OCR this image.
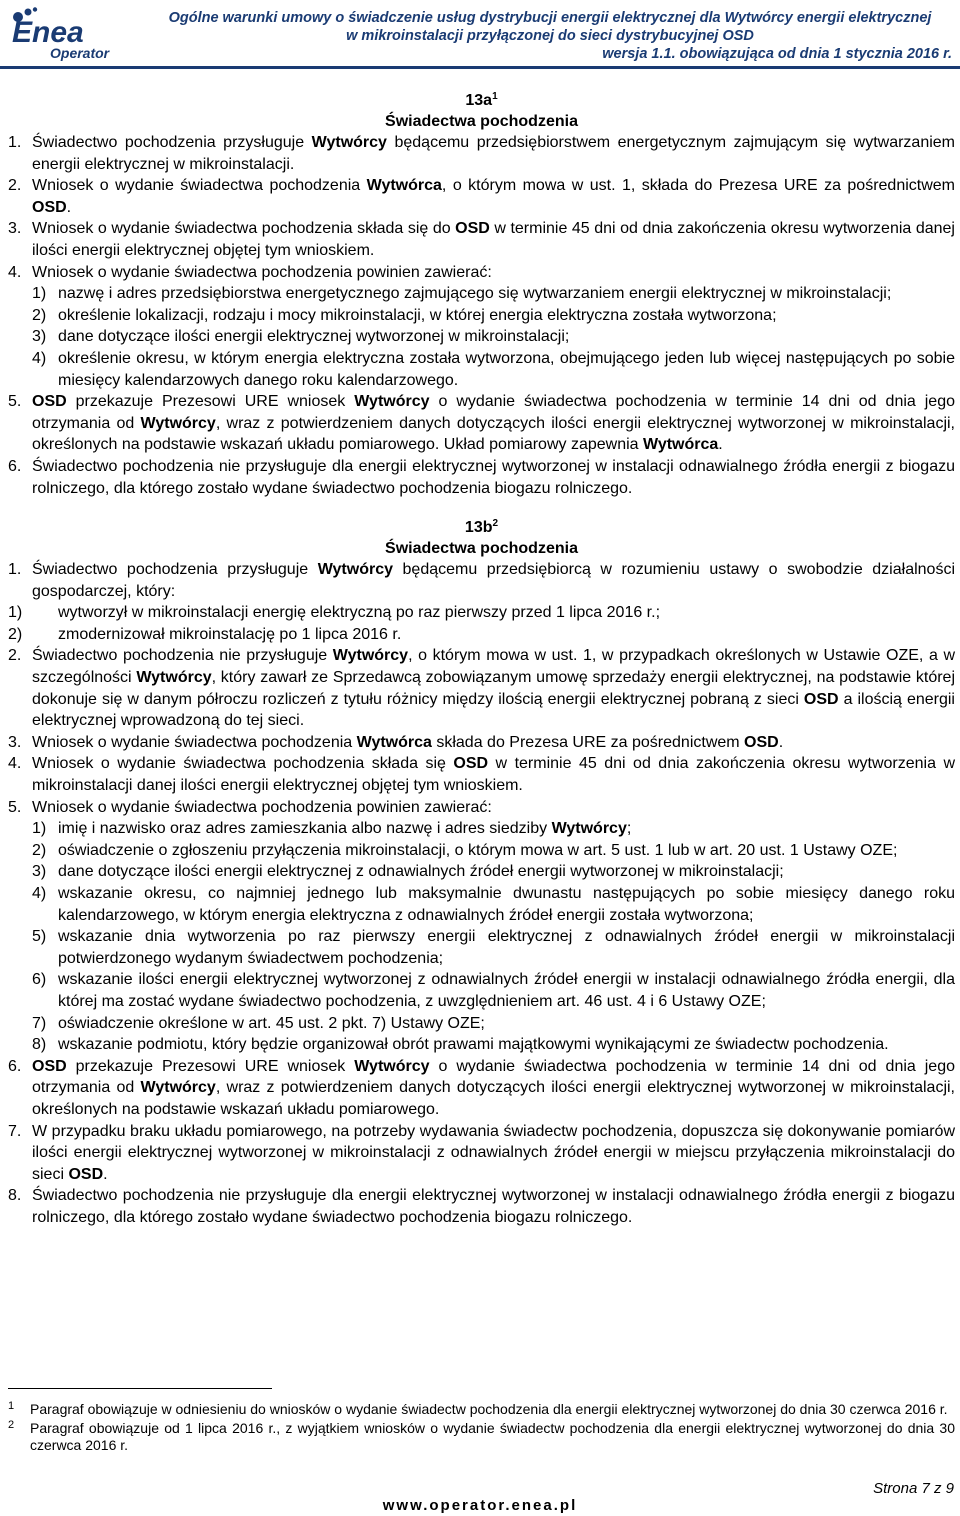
Enea
Operator
Ogólne warunki umowy o świadczenie usług dystrybucji energii elektrycznej dla Wytwórcy energii elektrycznej
w mikroinstalacji przyłączonej do sieci dystrybucyjnej OSD
wersja 1.1. obowiązująca od dnia 1 stycznia 2016 r.
$13a^1$
Świadectwa pochodzenia
1. Świadectwo pochodzenia przysługuje Wytwórcy będącemu przedsiębiorstwem energetycznym zajmującym się wytwarzaniem energii elektrycznej w mikroinstalacji.
2. Wniosek o wydanie świadectwa pochodzenia Wytwórca, o którym mowa w ust. 1, składa do Prezesa URE za pośrednictwem OSD.
3. Wniosek o wydanie świadectwa pochodzenia składa się do OSD w terminie 45 dni od dnia zakończenia okresu wytworzenia danej ilości energii elektrycznej objętej tym wnioskiem.
4. Wniosek o wydanie świadectwa pochodzenia powinien zawierać:
1) nazwę i adres przedsiębiorstwa energetycznego zajmującego się wytwarzaniem energii elektrycznej w mikroinstalacji;
2) określenie lokalizacji, rodzaju i mocy mikroinstalacji, w której energia elektryczna została wytworzona;
3) dane dotyczące ilości energii elektrycznej wytworzonej w mikroinstalacji;
4) określenie okresu, w którym energia elektryczna została wytworzona, obejmującego jeden lub więcej następujących po sobie miesięcy kalendarzowych danego roku kalendarzowego.
5. OSD przekazuje Prezesowi URE wniosek Wytwórcy o wydanie świadectwa pochodzenia w terminie 14 dni od dnia jego otrzymania od Wytwórcy, wraz z potwierdzeniem danych dotyczących ilości energii elektrycznej wytworzonej w mikroinstalacji, określonych na podstawie wskazań układu pomiarowego. Układ pomiarowy zapewnia Wytwórca.
6. Świadectwo pochodzenia nie przysługuje dla energii elektrycznej wytworzonej w instalacji odnawialnego źródła energii z biogazu rolniczego, dla którego zostało wydane świadectwo pochodzenia biogazu rolniczego.
$13b^2$
Świadectwa pochodzenia
1. Świadectwo pochodzenia przysługuje Wytwórcy będącemu przedsiębiorcą w rozumieniu ustawy o swobodzie działalności gospodarczej, który:
1) wytworzył w mikroinstalacji energię elektryczną po raz pierwszy przed 1 lipca 2016 r.;
2) zmodernizował mikroinstalację po 1 lipca 2016 r.
2. Świadectwo pochodzenia nie przysługuje Wytwórcy, o którym mowa w ust. 1, w przypadkach określonych w Ustawie OZE, a w szczególności Wytwórcy, który zawarł ze Sprzedawcą zobowiązanym umowę sprzedaży energii elektrycznej, na podstawie której dokonuje się w danym półroczu rozliczeń z tytułu różnicy między ilością energii elektrycznej pobraną z sieci OSD a ilością energii elektrycznej wprowadzoną do tej sieci.
3. Wniosek o wydanie świadectwa pochodzenia Wytwórca składa do Prezesa URE za pośrednictwem OSD.
4. Wniosek o wydanie świadectwa pochodzenia składa się OSD w terminie 45 dni od dnia zakończenia okresu wytworzenia w mikroinstalacji danej ilości energii elektrycznej objętej tym wnioskiem.
5. Wniosek o wydanie świadectwa pochodzenia powinien zawierać:
1) imię i nazwisko oraz adres zamieszkania albo nazwę i adres siedziby Wytwórcy;
2) oświadczenie o zgłoszeniu przyłączenia mikroinstalacji, o którym mowa w art. 5 ust. 1 lub w art. 20 ust. 1 Ustawy OZE;
3) dane dotyczące ilości energii elektrycznej z odnawialnych źródeł energii wytworzonej w mikroinstalacji;
4) wskazanie okresu, co najmniej jednego lub maksymalnie dwunastu następujących po sobie miesięcy danego roku kalendarzowego, w którym energia elektryczna z odnawialnych źródeł energii została wytworzona;
5) wskazanie dnia wytworzenia po raz pierwszy energii elektrycznej z odnawialnych źródeł energii w mikroinstalacji potwierdzonego wydanym świadectwem pochodzenia;
6) wskazanie ilości energii elektrycznej wytworzonej z odnawialnych źródeł energii w instalacji odnawialnego źródła energii, dla której ma zostać wydane świadectwo pochodzenia, z uwzględnieniem art. 46 ust. 4 i 6 Ustawy OZE;
7) oświadczenie określone w art. 45 ust. 2 pkt. 7) Ustawy OZE;
8) wskazanie podmiotu, który będzie organizował obrót prawami majątkowymi wynikającymi ze świadectw pochodzenia.
6. OSD przekazuje Prezesowi URE wniosek Wytwórcy o wydanie świadectwa pochodzenia w terminie 14 dni od dnia jego otrzymania od Wytwórcy, wraz z potwierdzeniem danych dotyczących ilości energii elektrycznej wytworzonej w mikroinstalacji, określonych na podstawie wskazań układu pomiarowego.
7. W przypadku braku układu pomiarowego, na potrzeby wydawania świadectw pochodzenia, dopuszcza się dokonywanie pomiarów ilości energii elektrycznej wytworzonej w mikroinstalacji z odnawialnych źródeł energii w miejscu przyłączenia mikroinstalacji do sieci OSD.
8. Świadectwo pochodzenia nie przysługuje dla energii elektrycznej wytworzonej w instalacji odnawialnego źródła energii z biogazu rolniczego, dla którego zostało wydane świadectwo pochodzenia biogazu rolniczego.
1 Paragraf obowiązuje w odniesieniu do wniosków o wydanie świadectw pochodzenia dla energii elektrycznej wytworzonej do dnia 30 czerwca 2016 r.
2 Paragraf obowiązuje od 1 lipca 2016 r., z wyjątkiem wniosków o wydanie świadectw pochodzenia dla energii elektrycznej wytworzonej do dnia 30 czerwca 2016 r.
Strona 7 z 9
www.operator.enea.pl
